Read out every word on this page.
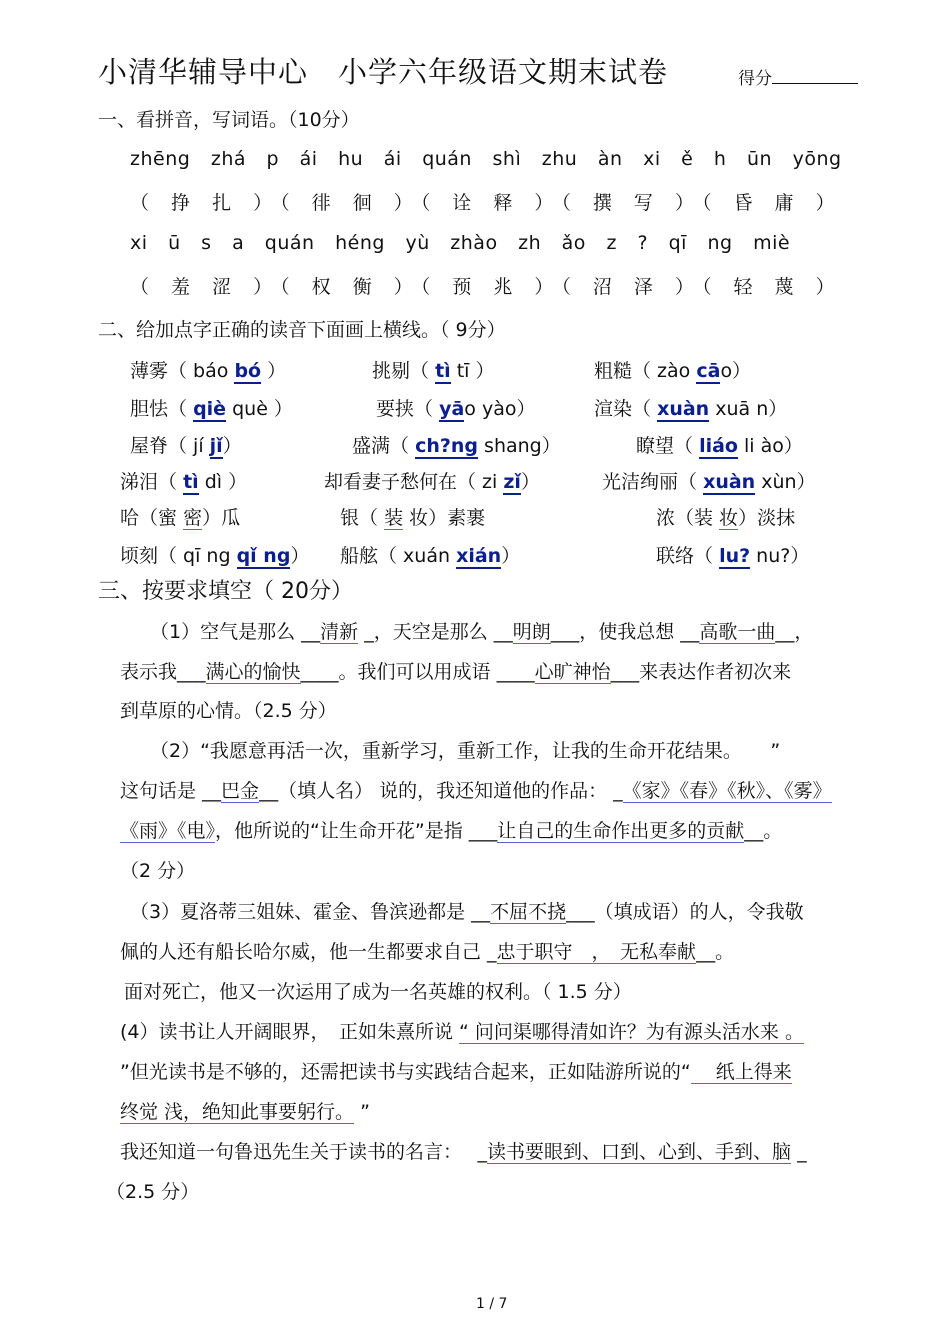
小清华辅导中心　小学六年级语文期末试卷	得分
一、看拼音，写词语。（10分）
zhēng zhá p ái hu ái quán shì zhu àn xi ě h ūn yōng
（ 挣 扎 ）（ 徘 徊 ）（ 诠 释 ）（ 撰 写 ）（ 昏 庸 ）
xi ū s a quán héng yù zhào zh ǎo z ? qī ng miè
（ 羞 涩 ）（ 权 衡 ）（ 预 兆 ）（ 沼 泽 ）（ 轻 蔑 ）
二、给加点字正确的读音下面画上横线。（ 9分）
薄雾（ báo bó ）	挑剔（ tì tī ）	粗糙（ zào cāo）
胆怯（ qiè què ）	要挟（ yāo yào）	渲染（ xuàn xuā n）
屋脊（ jí jǐ）	盛满（ ch?ng shang）	瞭望（ liáo li ào）
涕泪（ tì dì ）	却看妻子愁何在（ zi zǐ）	光洁绚丽（ xuàn xùn）
哈（蜜 密）瓜	银（ 装 妆）素裹	浓（装 妆）淡抹
顷刻（ qī ng qǐ ng） 船舷（ xuán xián）	联络（ lu? nu?）
三、按要求填空（ 20分）
（1）空气是那么 __清新 _，天空是那么 __明朗___，使我总想 __高歌一曲__，
表示我___满心的愉快____。我们可以用成语 ____心旷神怡___来表达作者初次来
到草原的心情。（2.5 分）
（2）“我愿意再活一次，重新学习，重新工作，让我的生命开花结果。　　”
这句话是 __巴金__（填人名） 说的，我还知道他的作品： _《家》《春》《秋》、《雾》
《雨》《电》，他所说的“让生命开花”是指 ___让自己的生命作出更多的贡献__。
（2 分）
（3）夏洛蒂三姐妹、霍金、鲁滨逊都是 __不屈不挠___（填成语）的人，令我敬
佩的人还有船长哈尔威，他一生都要求自己 _忠于职守　，　无私奉献__。
面对死亡，他又一次运用了成为一名英雄的权利。（ 1.5 分）
(4）读书让人开阔眼界，　正如朱熹所说 “ 问问渠哪得清如许？为有源头活水来 。
”但光读书是不够的，还需把读书与实践结合起来，正如陆游所说的“　 纸上得来
终觉 浅，绝知此事要躬行。 ”
我还知道一句鲁迅先生关于读书的名言：　 _读书要眼到、口到、心到、手到、脑 _
（2.5 分）
1 / 7
